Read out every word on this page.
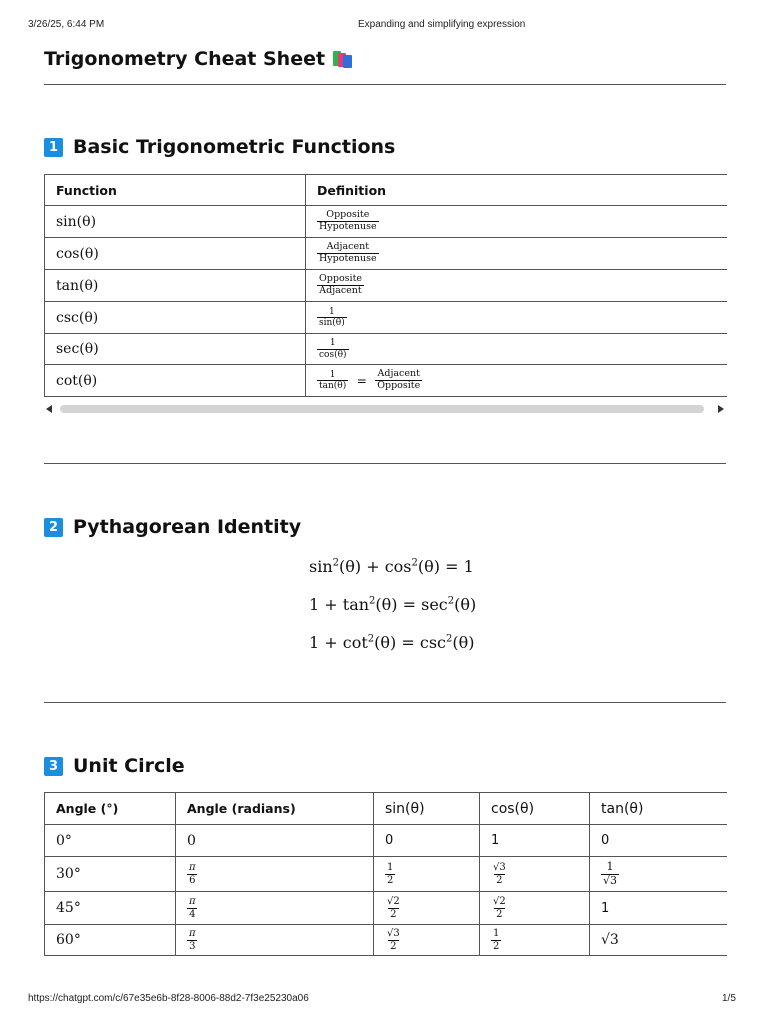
3/26/25, 6:44 PM	Expanding and simplifying expression
Trigonometry Cheat Sheet
1 Basic Trigonometric Functions
Function	Definition
sin(θ)	$\frac{\text{Opposite}}{\text{Hypotenuse}}$

cos(θ)	$\frac{\text{Adjacent}}{\text{Hypotenuse}}$

tan(θ)	$\frac{\text{Opposite}}{\text{Adjacent}}$

csc(θ)	$\frac{1}{\sin(\theta)}$

sec(θ)	$\frac{1}{\cos(\theta)}$

cot(θ)	$\frac{1}{\tan(\theta)} = \frac{\text{Adjacent}}{\text{Opposite}}$
2 Pythagorean Identity
$\sin^2(\theta) + \cos^2(\theta) = 1$
$1 + \tan^2(\theta) = \sec^2(\theta)$
$1 + \cot^2(\theta) = \csc^2(\theta)$
3 Unit Circle
Angle (°)	Angle (radians)	sin(θ)	cos(θ)	tan(θ)
0°	0	0	1	0
30°	$\frac{\pi}{6}$	$\frac{1}{2}$	$\frac{√3}{2}$	$\frac{1}{√3}$

45°	$\frac{\pi}{4}$	$\frac{√2}{2}$	$\frac{√2}{2}$	1
60°	$\frac{\pi}{3}$	$\frac{√3}{2}$	$\frac{1}{2}$	√3
https://chatgpt.com/c/67e35e6b-8f28-8006-88d2-7f3e25230a06	1/5
